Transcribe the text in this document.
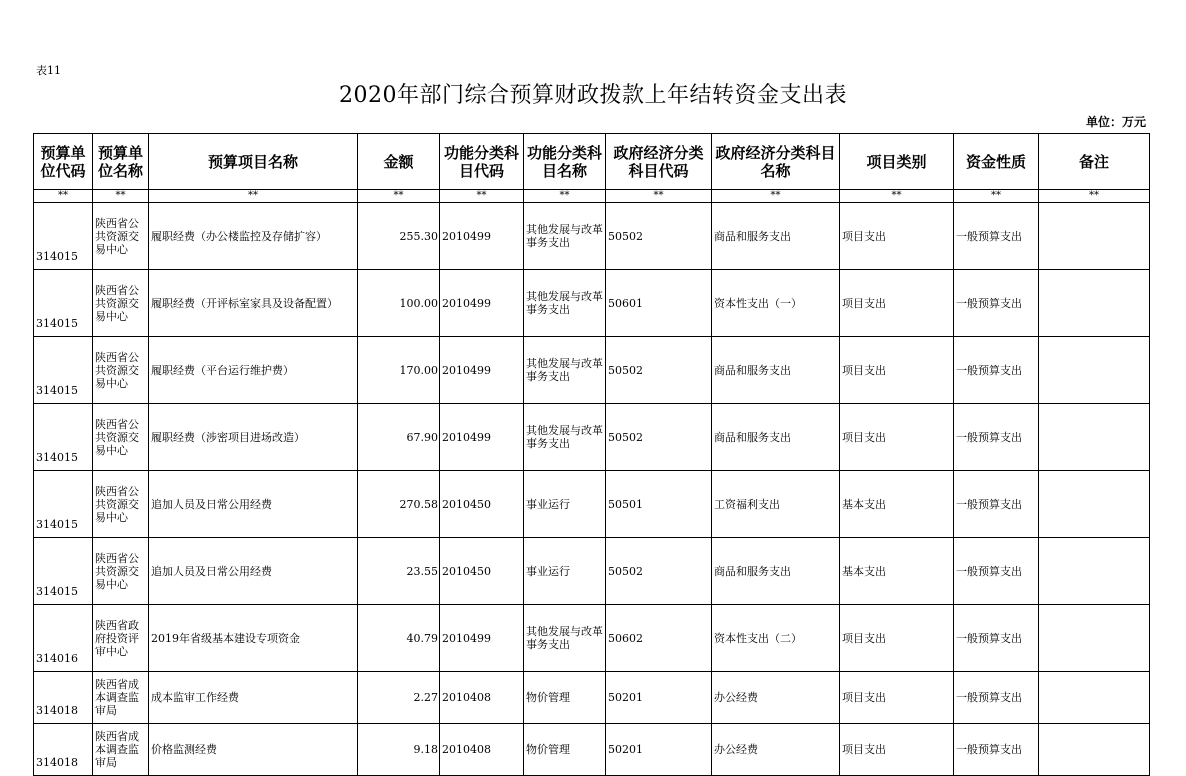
表11
2020年部门综合预算财政拨款上年结转资金支出表
单位：万元
预算单位代码	预算单位名称	预算项目名称	金额	功能分类科目代码	功能分类科目名称	政府经济分类科目代码	政府经济分类科目名称	项目类别	资金性质	备注
**	**	**	**	**	**	**	**	**	**	**
314015	陕西省公共资源交易中心	履职经费（办公楼监控及存储扩容）	255.30	2010499	其他发展与改革事务支出	50502	商品和服务支出	项目支出	一般预算支出	
314015	陕西省公共资源交易中心	履职经费（开评标室家具及设备配置）	100.00	2010499	其他发展与改革事务支出	50601	资本性支出（一）	项目支出	一般预算支出	
314015	陕西省公共资源交易中心	履职经费（平台运行维护费）	170.00	2010499	其他发展与改革事务支出	50502	商品和服务支出	项目支出	一般预算支出	
314015	陕西省公共资源交易中心	履职经费（涉密项目进场改造）	67.90	2010499	其他发展与改革事务支出	50502	商品和服务支出	项目支出	一般预算支出	
314015	陕西省公共资源交易中心	追加人员及日常公用经费	270.58	2010450	事业运行	50501	工资福利支出	基本支出	一般预算支出	
314015	陕西省公共资源交易中心	追加人员及日常公用经费	23.55	2010450	事业运行	50502	商品和服务支出	基本支出	一般预算支出	
314016	陕西省政府投资评审中心	2019年省级基本建设专项资金	40.79	2010499	其他发展与改革事务支出	50602	资本性支出（二）	项目支出	一般预算支出	
314018	陕西省成本调查监审局	成本监审工作经费	2.27	2010408	物价管理	50201	办公经费	项目支出	一般预算支出	
314018	陕西省成本调查监审局	价格监测经费	9.18	2010408	物价管理	50201	办公经费	项目支出	一般预算支出	
